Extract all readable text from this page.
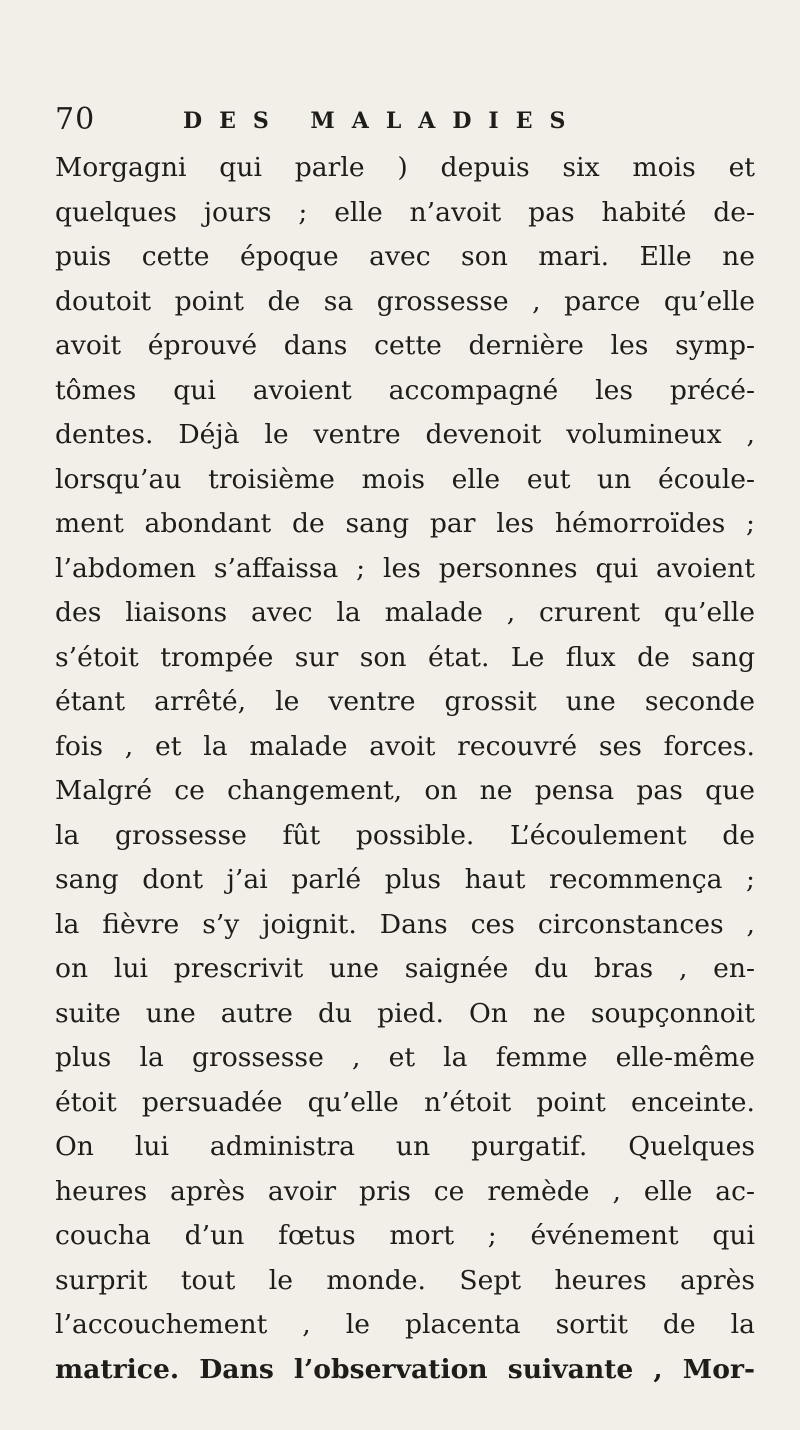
70	DES MALADIES
Morgagni qui parle ) depuis six mois et
quelques jours ; elle n’avoit pas habité de-
puis cette époque avec son mari. Elle ne
doutoit point de sa grossesse , parce qu’elle
avoit éprouvé dans cette dernière les symp-
tômes qui avoient accompagné les précé-
dentes. Déjà le ventre devenoit volumineux ,
lorsqu’au troisième mois elle eut un écoule-
ment abondant de sang par les hémorroïdes ;
l’abdomen s’affaissa ; les personnes qui avoient
des liaisons avec la malade , crurent qu’elle
s’étoit trompée sur son état. Le flux de sang
étant arrêté, le ventre grossit une seconde
fois , et la malade avoit recouvré ses forces.
Malgré ce changement, on ne pensa pas que
la grossesse fût possible. L’écoulement de
sang dont j’ai parlé plus haut recommença ;
la fièvre s’y joignit. Dans ces circonstances ,
on lui prescrivit une saignée du bras , en-
suite une autre du pied. On ne soupçonnoit
plus la grossesse , et la femme elle-même
étoit persuadée qu’elle n’étoit point enceinte.
On lui administra un purgatif. Quelques
heures après avoir pris ce remède , elle ac-
coucha d’un fœtus mort ; événement qui
surprit tout le monde. Sept heures après
l’accouchement , le placenta sortit de la
matrice. Dans l’observation suivante , Mor-
